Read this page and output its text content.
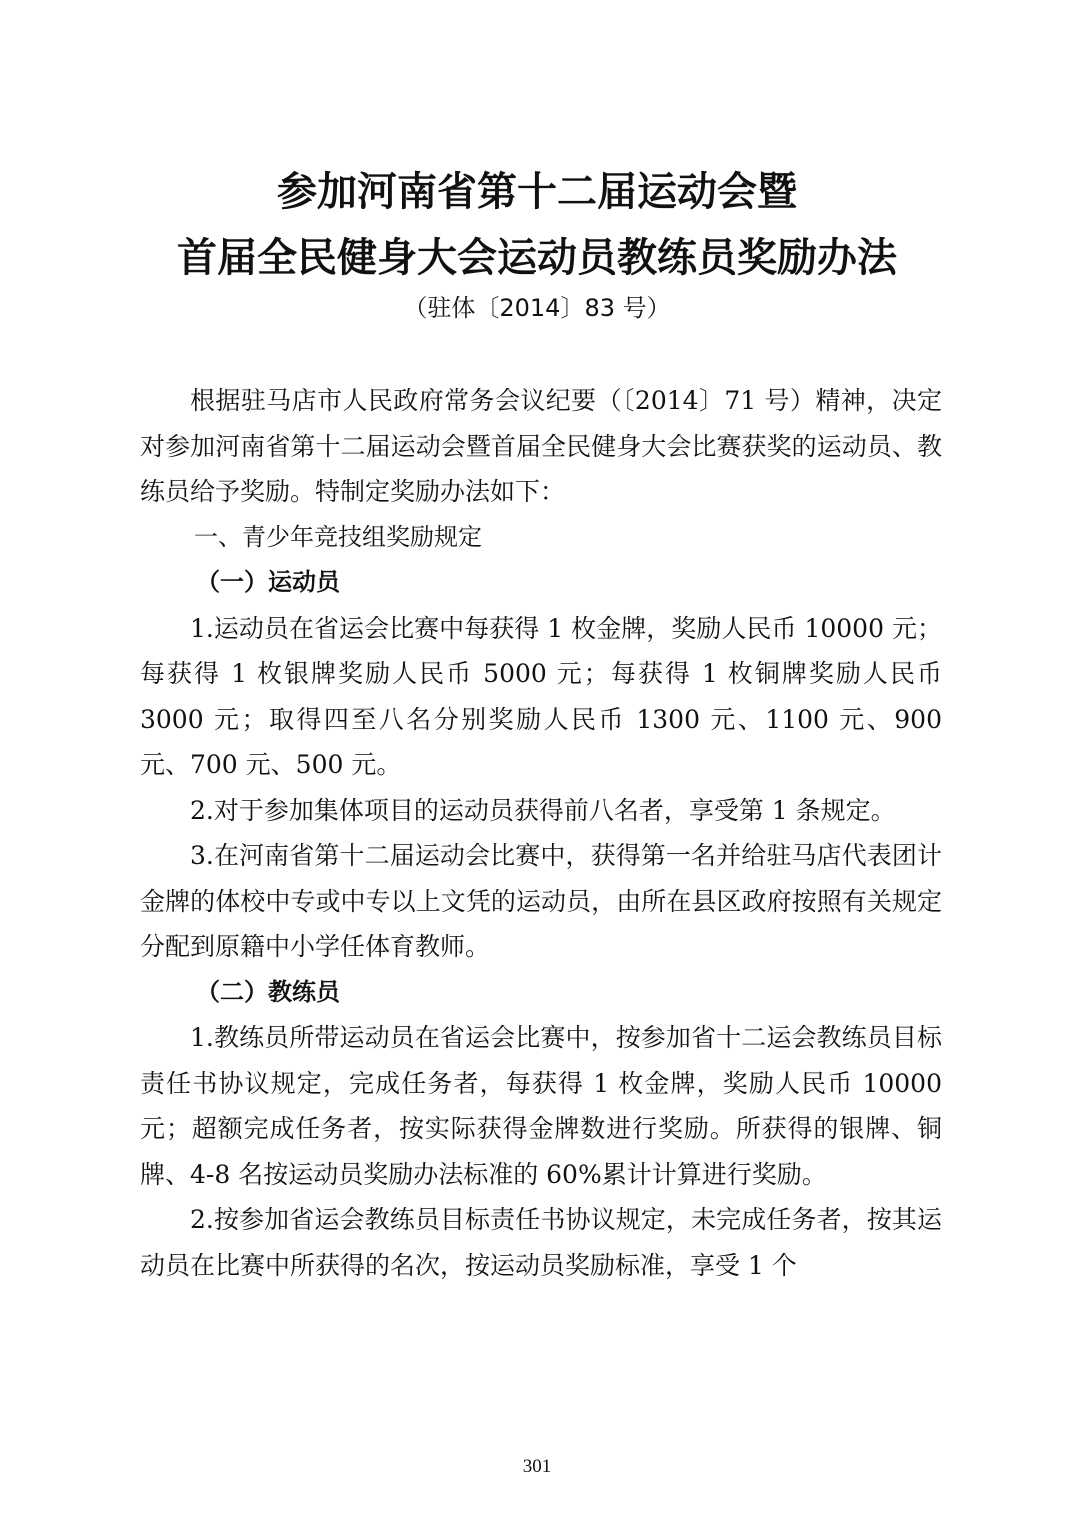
参加河南省第十二届运动会暨
首届全民健身大会运动员教练员奖励办法
（驻体〔2014〕83 号）

根据驻马店市人民政府常务会议纪要（〔2014〕71 号）精神，决定对参加河南省第十二届运动会暨首届全民健身大会比赛获奖的运动员、教练员给予奖励。特制定奖励办法如下：

一、青少年竞技组奖励规定

（一）运动员

1.运动员在省运会比赛中每获得 1 枚金牌，奖励人民币 10000 元；每获得 1 枚银牌奖励人民币 5000 元；每获得 1 枚铜牌奖励人民币 3000 元；取得四至八名分别奖励人民币 1300 元、1100 元、900 元、700 元、500 元。

2.对于参加集体项目的运动员获得前八名者，享受第 1 条规定。

3.在河南省第十二届运动会比赛中，获得第一名并给驻马店代表团计金牌的体校中专或中专以上文凭的运动员，由所在县区政府按照有关规定分配到原籍中小学任体育教师。

（二）教练员

1.教练员所带运动员在省运会比赛中，按参加省十二运会教练员目标责任书协议规定，完成任务者，每获得 1 枚金牌，奖励人民币 10000 元；超额完成任务者，按实际获得金牌数进行奖励。所获得的银牌、铜牌、4-8 名按运动员奖励办法标准的 60%累计计算进行奖励。

2.按参加省运会教练员目标责任书协议规定，未完成任务者，按其运动员在比赛中所获得的名次，按运动员奖励标准，享受 1 个

301
